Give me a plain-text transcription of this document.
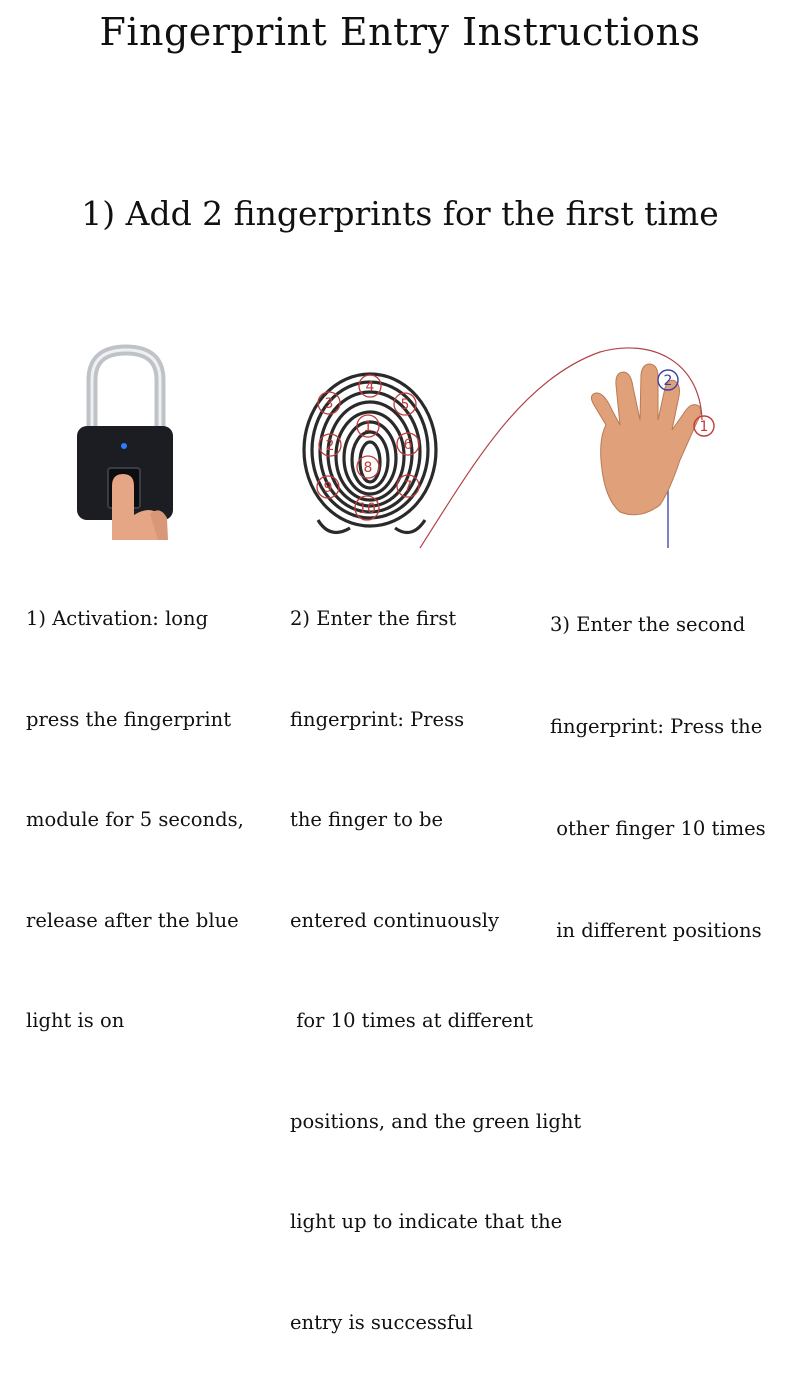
Fingerprint Entry Instructions
1) Add 2 fingerprints for the first time
4
3	5
1
2	6
8
7
9
10
2
1

1) Activation: long

press the fingerprint

module for 5 seconds,

release after the blue

light is on

2) Enter the first

fingerprint: Press

the finger to be

entered continuously

for 10 times at different

positions, and the green light

light up to indicate that the

entry is successful

3) Enter the second

fingerprint: Press the

other finger 10 times

in different positions
